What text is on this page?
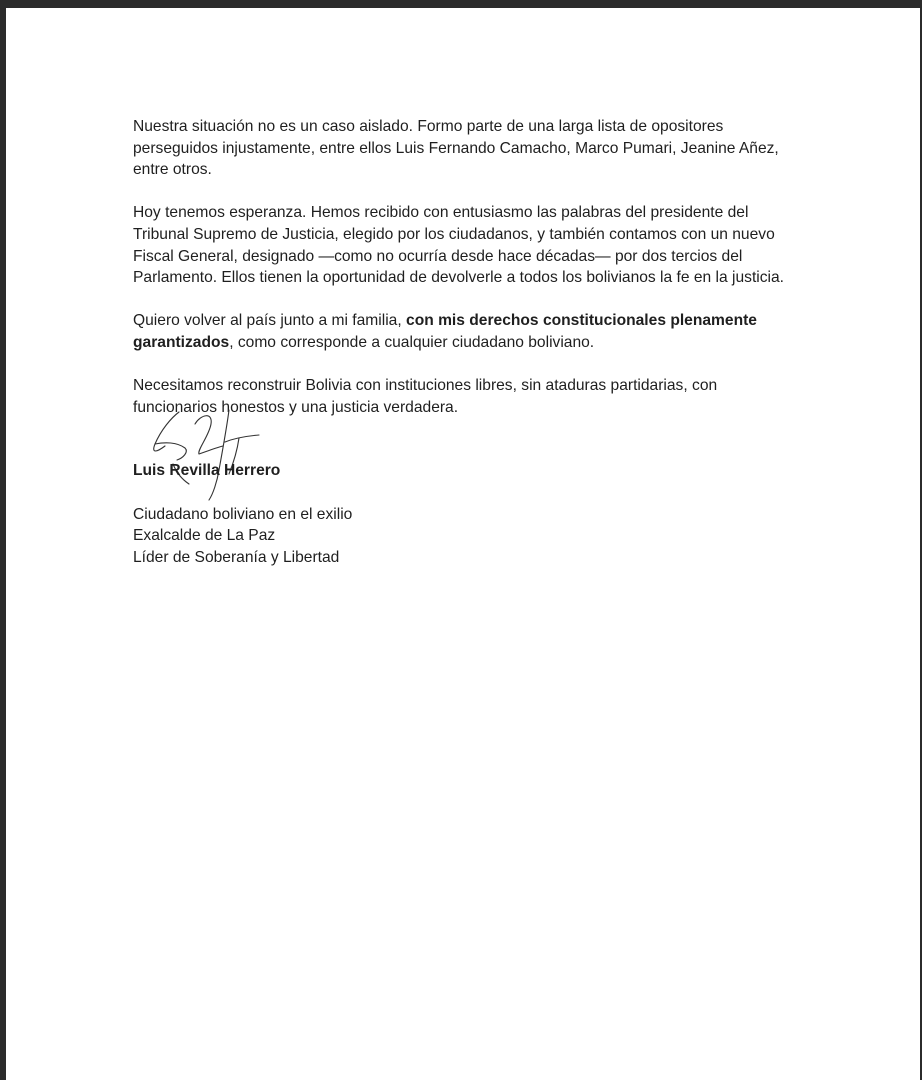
Nuestra situación no es un caso aislado. Formo parte de una larga lista de opositores perseguidos injustamente, entre ellos Luis Fernando Camacho, Marco Pumari, Jeanine Añez, entre otros.

Hoy tenemos esperanza. Hemos recibido con entusiasmo las palabras del presidente del Tribunal Supremo de Justicia, elegido por los ciudadanos, y también contamos con un nuevo Fiscal General, designado —como no ocurría desde hace décadas— por dos tercios del Parlamento. Ellos tienen la oportunidad de devolverle a todos los bolivianos la fe en la justicia.

Quiero volver al país junto a mi familia, con mis derechos constitucionales plenamente garantizados, como corresponde a cualquier ciudadano boliviano.

Necesitamos reconstruir Bolivia con instituciones libres, sin ataduras partidarias, con funcionarios honestos y una justicia verdadera.

Luis Revilla Herrero

Ciudadano boliviano en el exilio
Exalcalde de La Paz
Líder de Soberanía y Libertad
